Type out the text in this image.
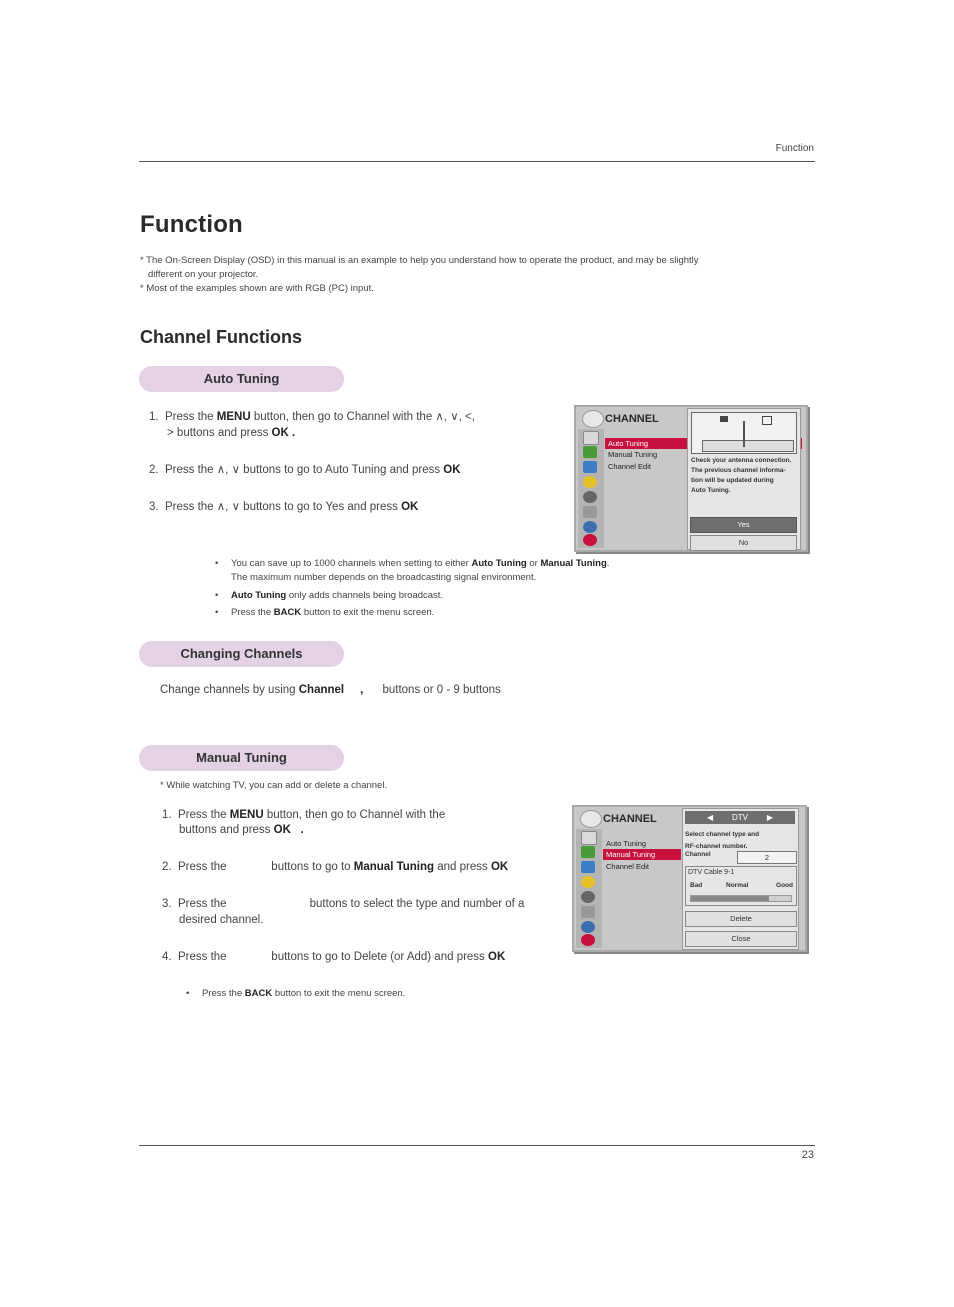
Function
Function
* The On-Screen Display (OSD) in this manual is an example to help you understand how to operate the product, and may be slightly
different on your projector.
* Most of the examples shown are with RGB (PC) input.
Channel Functions
Auto Tuning
1. Press the MENU button, then go to Channel with the ∧, ∨, <,
> buttons and press OK .
2. Press the ∧, ∨ buttons to go to Auto Tuning and press OK
3. Press the ∧, ∨ buttons to go to Yes and press OK
• You can save up to 1000 channels when setting to either Auto Tuning or Manual Tuning.
The maximum number depends on the broadcasting signal environment.
• Auto Tuning only adds channels being broadcast.
• Press the BACK button to exit the menu screen.
CHANNEL
Auto Tuning
Manual Tuning
Channel Edit
Check your antenna connection.
The previous channel informa-
tion will be updated during
Auto Tuning.
Yes
No
Changing Channels
Change channels by using Channel     ,      buttons or 0 - 9 buttons
Manual Tuning
* While watching TV, you can add or delete a channel.
1. Press the MENU button, then go to Channel with the
buttons and press OK   .
2. Press the              buttons to go to Manual Tuning and press OK
3. Press the                          buttons to select the type and number of a
desired channel.
4. Press the              buttons to go to Delete (or Add) and press OK
• Press the BACK button to exit the menu screen.
CHANNEL
Auto Tuning
Manual Tuning
Channel Edit
◀ DTV ▶
Select channel type and
RF-channel number.
Channel	2
DTV Cable 9-1
Bad	Normal	Good
Delete
Close
23
